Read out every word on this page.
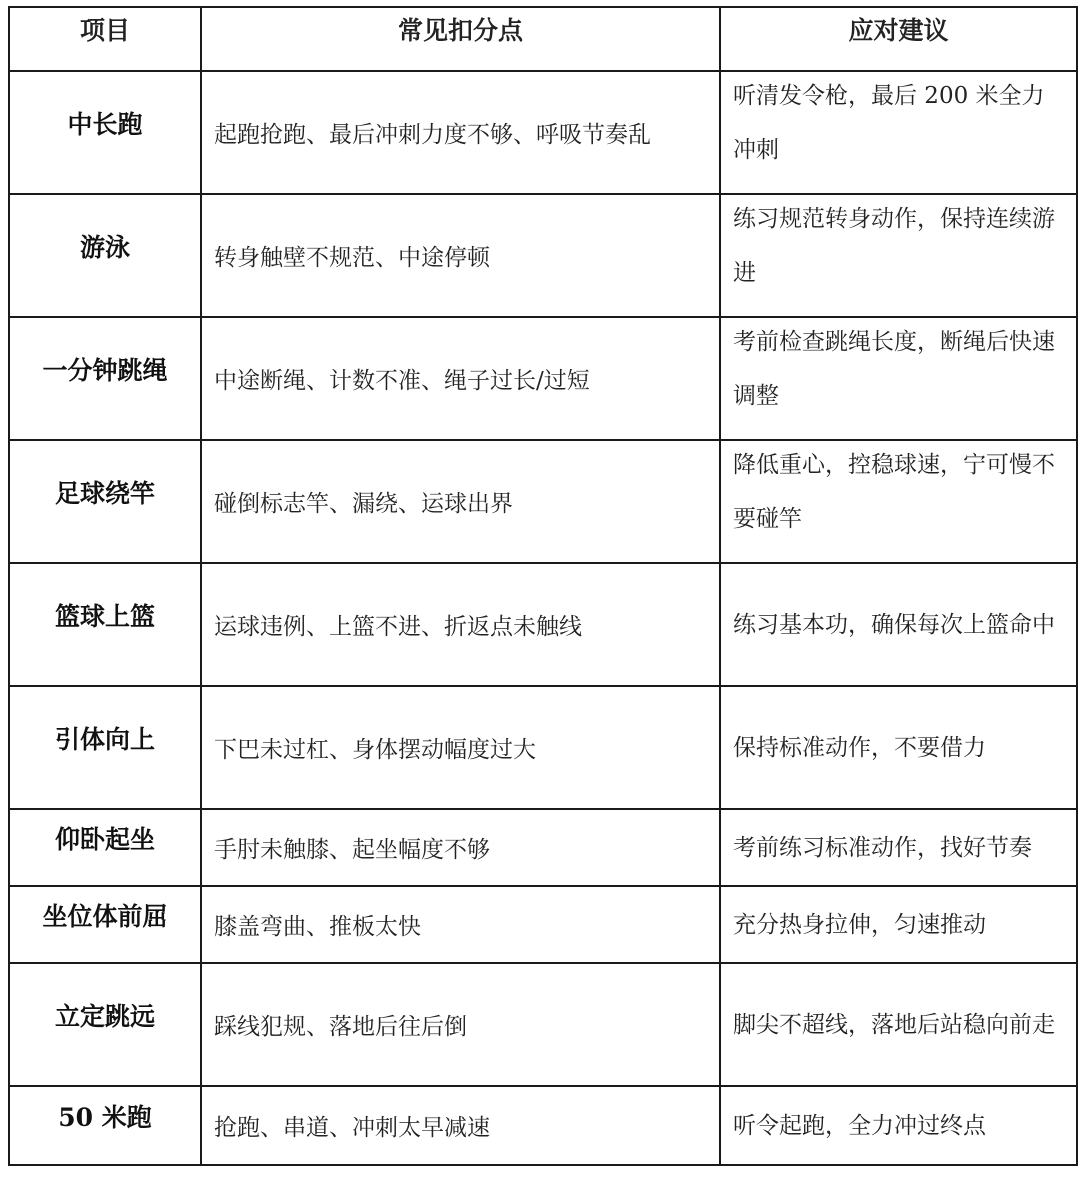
项目	常见扣分点	应对建议
中长跑	起跑抢跑、最后冲刺力度不够、呼吸节奏乱	听清发令枪，最后 200 米全力冲刺

游泳	转身触壁不规范、中途停顿	练习规范转身动作，保持连续游进

一分钟跳绳	中途断绳、计数不准、绳子过长/过短	考前检查跳绳长度，断绳后快速调整

足球绕竿	碰倒标志竿、漏绕、运球出界	降低重心，控稳球速，宁可慢不要碰竿

篮球上篮	运球违例、上篮不进、折返点未触线	练习基本功，确保每次上篮命中
引体向上	下巴未过杠、身体摆动幅度过大	保持标准动作，不要借力
仰卧起坐	手肘未触膝、起坐幅度不够	考前练习标准动作，找好节奏
坐位体前屈	膝盖弯曲、推板太快	充分热身拉伸，匀速推动
立定跳远	踩线犯规、落地后往后倒	脚尖不超线，落地后站稳向前走
50 米跑	抢跑、串道、冲刺太早减速	听令起跑，全力冲过终点
